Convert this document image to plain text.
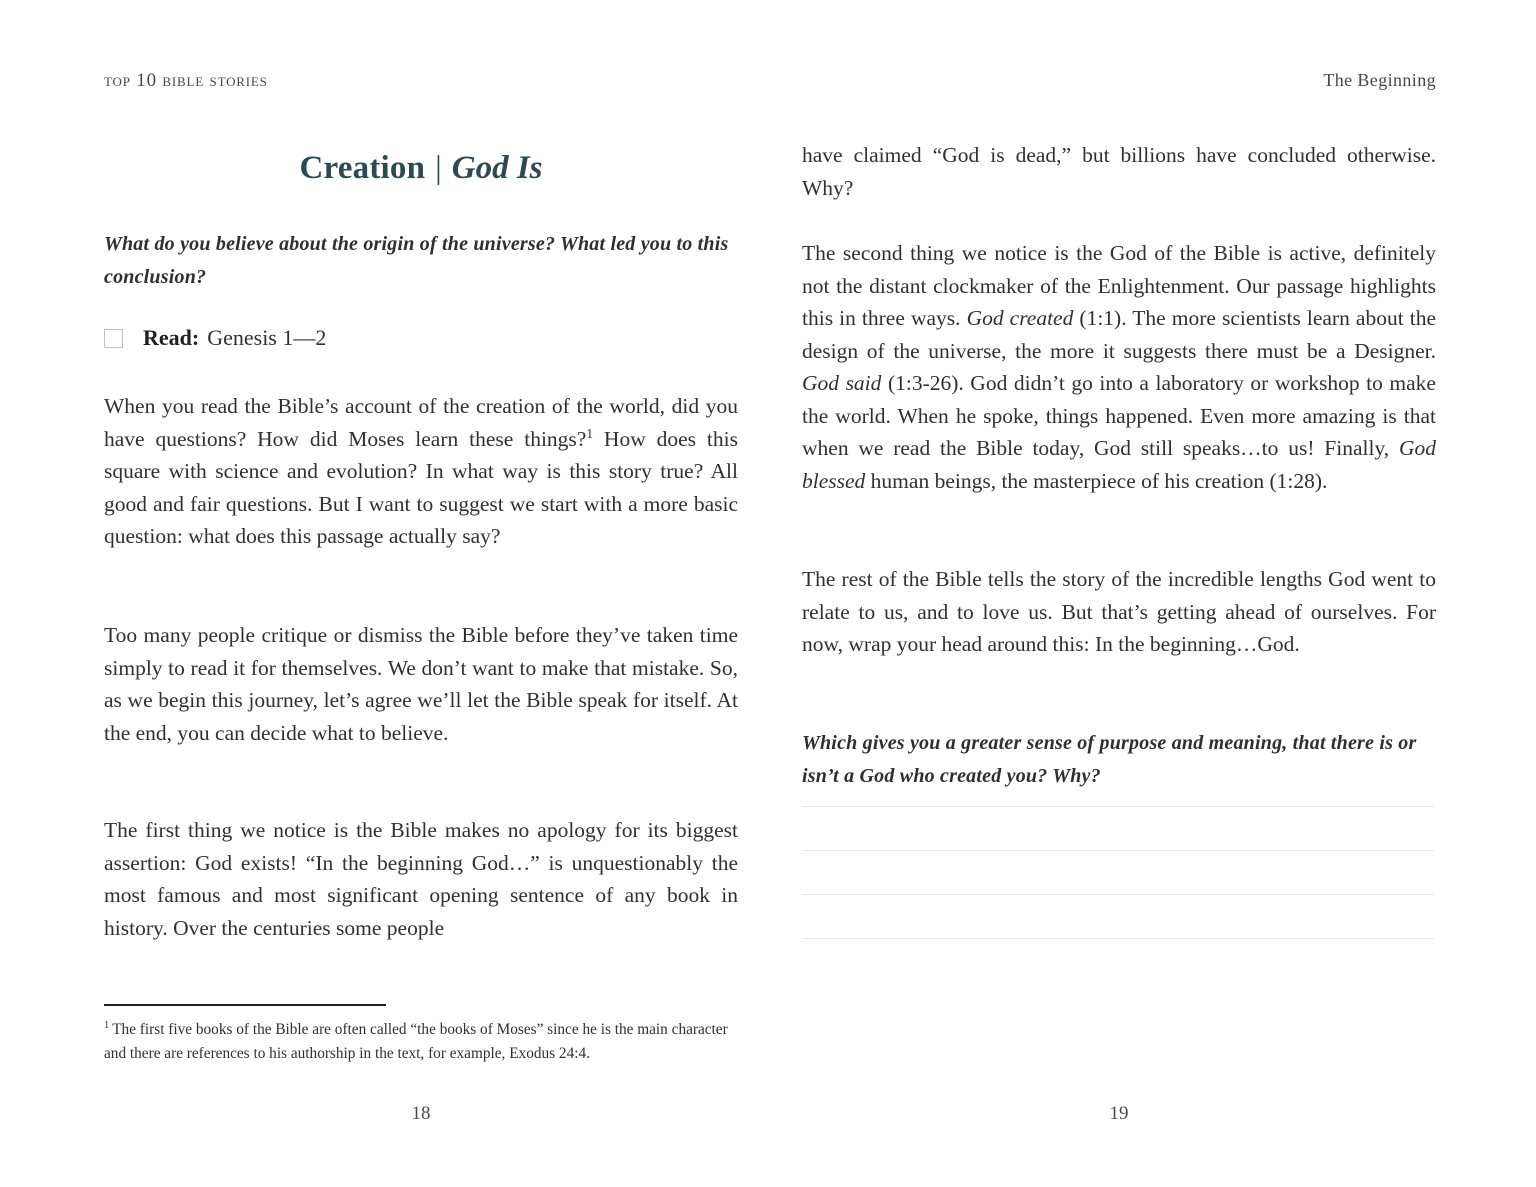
top 10 bible stories	The Beginning
Creation | God Is
What do you believe about the origin of the universe? What led you to this conclusion?
Read: Genesis 1—2
When you read the Bible’s account of the creation of the world, did you have questions? How did Moses learn these things?$^1$ How does this square with science and evolution? In what way is this story true? All good and fair questions. But I want to suggest we start with a more basic question: what does this passage actually say?
Too many people critique or dismiss the Bible before they’ve taken time simply to read it for themselves. We don’t want to make that mistake. So, as we begin this journey, let’s agree we’ll let the Bible speak for itself. At the end, you can decide what to believe.
The first thing we notice is the Bible makes no apology for its biggest assertion: God exists! “In the beginning God…” is unquestionably the most famous and most significant opening sentence of any book in history. Over the centuries some people
$^1$ The first five books of the Bible are often called “the books of Moses” since he is the main character and there are references to his authorship in the text, for example, Exodus 24:4.
18
have claimed “God is dead,” but billions have concluded otherwise. Why?
The second thing we notice is the God of the Bible is active, definitely not the distant clockmaker of the Enlightenment. Our passage highlights this in three ways. God created (1:1). The more scientists learn about the design of the universe, the more it suggests there must be a Designer. God said (1:3-26). God didn’t go into a laboratory or workshop to make the world. When he spoke, things happened. Even more amazing is that when we read the Bible today, God still speaks…to us! Finally, God blessed human beings, the masterpiece of his creation (1:28).
The rest of the Bible tells the story of the incredible lengths God went to relate to us, and to love us. But that’s getting ahead of ourselves. For now, wrap your head around this: In the beginning…God.
Which gives you a greater sense of purpose and meaning, that there is or isn’t a God who created you? Why?
19
